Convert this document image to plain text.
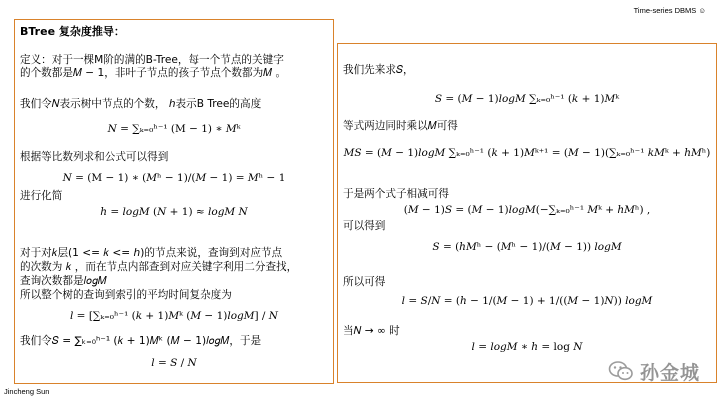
Time-series DBMS ☺
BTree 复杂度推导：
定义：对于一棵M阶的满的B-Tree，每一个节点的关键字
的个数都是𝑀 − 1，非叶子节点的孩子节点个数都为𝑀 。
我们令𝑁表示树中节点的个数， ℎ表示B Tree的高度
𝑁 = ∑ₖ₌₀ʰ⁻¹ (M − 1) ∗ 𝑀ᵏ
根据等比数列求和公式可以得到
𝑁 = (M − 1) ∗ (𝑀ʰ − 1)/(𝑀 − 1) = 𝑀ʰ − 1
进行化简
ℎ = 𝑙𝑜𝑔𝑀 (𝑁 + 1) ≈ 𝑙𝑜𝑔𝑀 𝑁
对于对𝑘层(1 <= 𝑘 <= ℎ)的节点来说，查询到对应节点
的次数为 𝑘 ，而在节点内部查到对应关键字利用二分查找，
查询次数都是𝑙𝑜𝑔𝑀
所以整个树的查询到索引的平均时间复杂度为
𝑙 = [∑ₖ₌₀ʰ⁻¹ (𝑘 + 1)𝑀ᵏ (𝑀 − 1)𝑙𝑜𝑔𝑀] / 𝑁
我们令𝑆 = ∑ₖ₌₀ʰ⁻¹ (𝑘 + 1)𝑀ᵏ (𝑀 − 1)𝑙𝑜𝑔𝑀，于是
𝑙 = 𝑆 / 𝑁
我们先来求𝑆，
𝑆 = (𝑀 − 1)𝑙𝑜𝑔𝑀 ∑ₖ₌₀ʰ⁻¹ (𝑘 + 1)𝑀ᵏ
等式两边同时乘以𝑀可得
𝑀𝑆 = (𝑀 − 1)𝑙𝑜𝑔𝑀 ∑ₖ₌₀ʰ⁻¹ (𝑘 + 1)𝑀ᵏ⁺¹ = (𝑀 − 1)(∑ₖ₌₀ʰ⁻¹ 𝑘𝑀ᵏ + ℎ𝑀ʰ)
于是两个式子相减可得
(𝑀 − 1)𝑆 = (𝑀 − 1)𝑙𝑜𝑔𝑀(−∑ₖ₌₀ʰ⁻¹ 𝑀ᵏ + ℎ𝑀ʰ) ,
可以得到
𝑆 = (ℎ𝑀ʰ − (𝑀ʰ − 1)/(𝑀 − 1)) 𝑙𝑜𝑔𝑀
所以可得
𝑙 = 𝑆/𝑁 = (ℎ − 1/(𝑀 − 1) + 1/((𝑀 − 1)𝑁)) 𝑙𝑜𝑔𝑀
当𝑁 → ∞ 时
𝑙 = 𝑙𝑜𝑔𝑀 ∗ ℎ = log 𝑁
Jincheng Sun
孙金城
